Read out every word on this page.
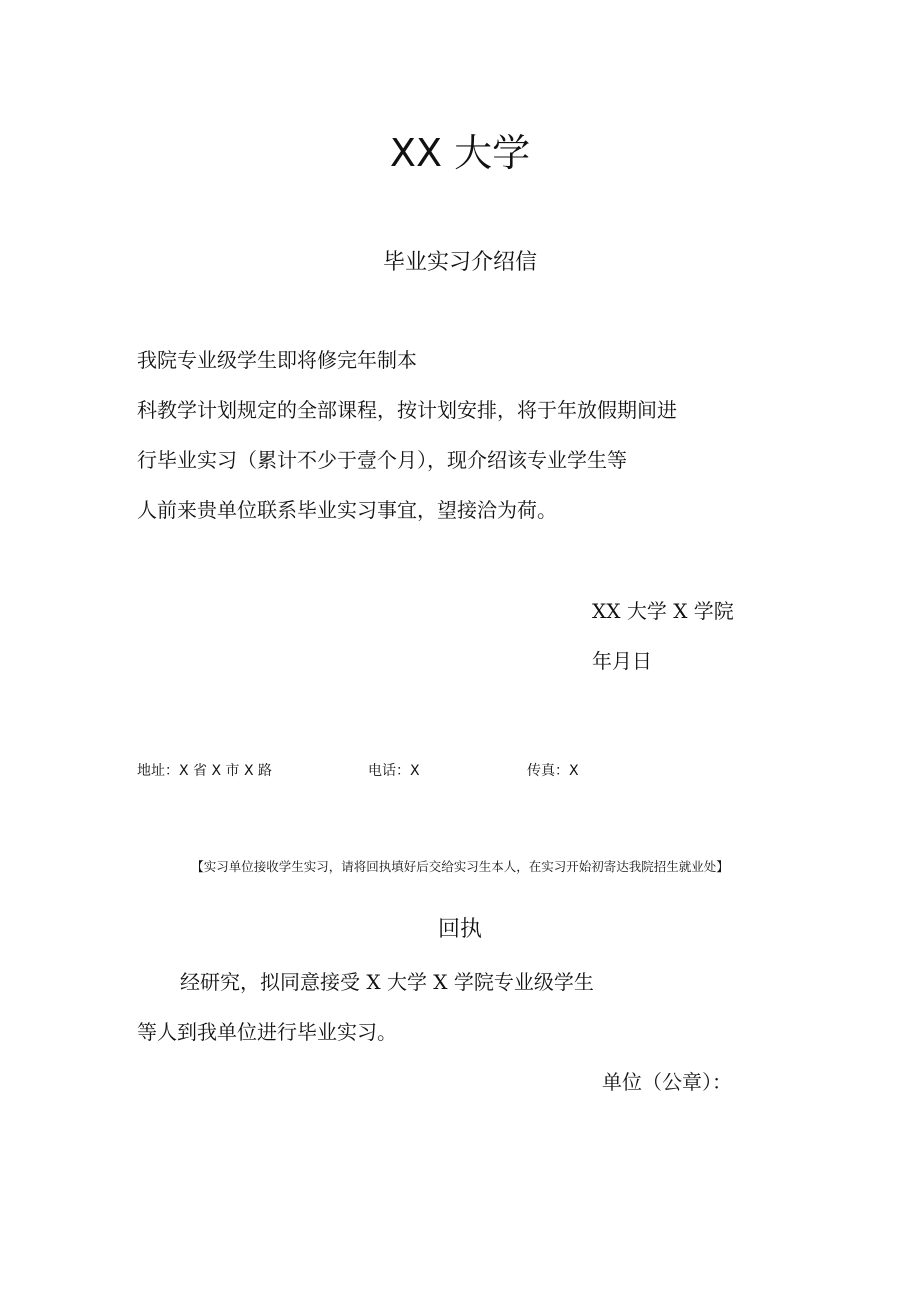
XX 大学
毕业实习介绍信
我院专业级学生即将修完年制本
科教学计划规定的全部课程，按计划安排，将于年放假期间进
行毕业实习（累计不少于壹个月），现介绍该专业学生等
人前来贵单位联系毕业实习事宜，望接洽为荷。
XX 大学 X 学院
年月日
地址：X 省 X 市 X 路	电话：X	传真：X
【实习单位接收学生实习，请将回执填好后交给实习生本人，在实习开始初寄达我院招生就业处】
回执
经研究，拟同意接受 X 大学 X 学院专业级学生
等人到我单位进行毕业实习。
单位（公章）：
